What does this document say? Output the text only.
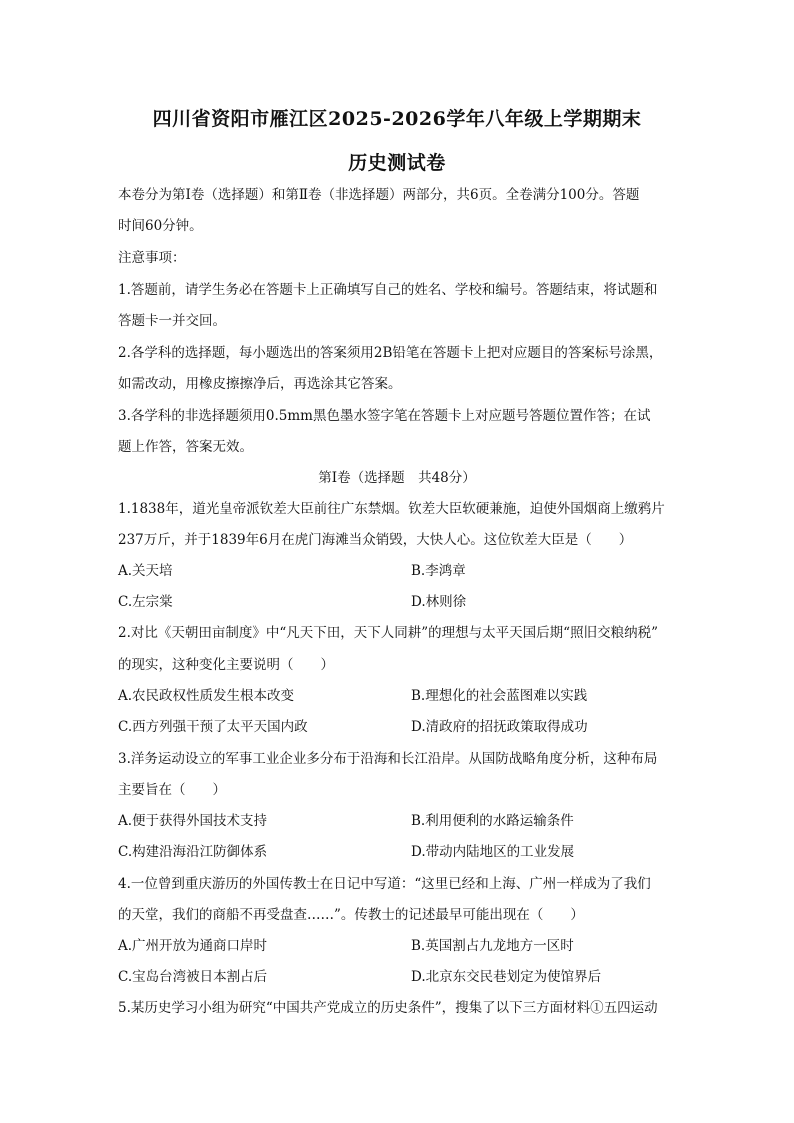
四川省资阳市雁江区2025-2026学年八年级上学期期末
历史测试卷
本卷分为第Ⅰ卷（选择题）和第Ⅱ卷（非选择题）两部分，共6页。全卷满分100分。答题
时间60分钟。
注意事项：
1.答题前，请学生务必在答题卡上正确填写自己的姓名、学校和编号。答题结束，将试题和
答题卡一并交回。
2.各学科的选择题，每小题选出的答案须用2B铅笔在答题卡上把对应题目的答案标号涂黑，
如需改动，用橡皮擦擦净后，再选涂其它答案。
3.各学科的非选择题须用0.5mm黑色墨水签字笔在答题卡上对应题号答题位置作答；在试
题上作答，答案无效。
第Ⅰ卷（选择题　共48分）
1.1838年，道光皇帝派钦差大臣前往广东禁烟。钦差大臣软硬兼施，迫使外国烟商上缴鸦片
237万斤，并于1839年6月在虎门海滩当众销毁，大快人心。这位钦差大臣是（　　）
A.关天培	B.李鸿章
C.左宗棠	D.林则徐
2.对比《天朝田亩制度》中“凡天下田，天下人同耕”的理想与太平天国后期“照旧交粮纳税”
的现实，这种变化主要说明（　　）
A.农民政权性质发生根本改变	B.理想化的社会蓝图难以实践
C.西方列强干预了太平天国内政	D.清政府的招抚政策取得成功
3.洋务运动设立的军事工业企业多分布于沿海和长江沿岸。从国防战略角度分析，这种布局
主要旨在（　　）
A.便于获得外国技术支持	B.利用便利的水路运输条件
C.构建沿海沿江防御体系	D.带动内陆地区的工业发展
4.一位曾到重庆游历的外国传教士在日记中写道：“这里已经和上海、广州一样成为了我们
的天堂，我们的商船不再受盘查……”。传教士的记述最早可能出现在（　　）
A.广州开放为通商口岸时	B.英国割占九龙地方一区时
C.宝岛台湾被日本割占后	D.北京东交民巷划定为使馆界后
5.某历史学习小组为研究“中国共产党成立的历史条件”，搜集了以下三方面材料①五四运动
